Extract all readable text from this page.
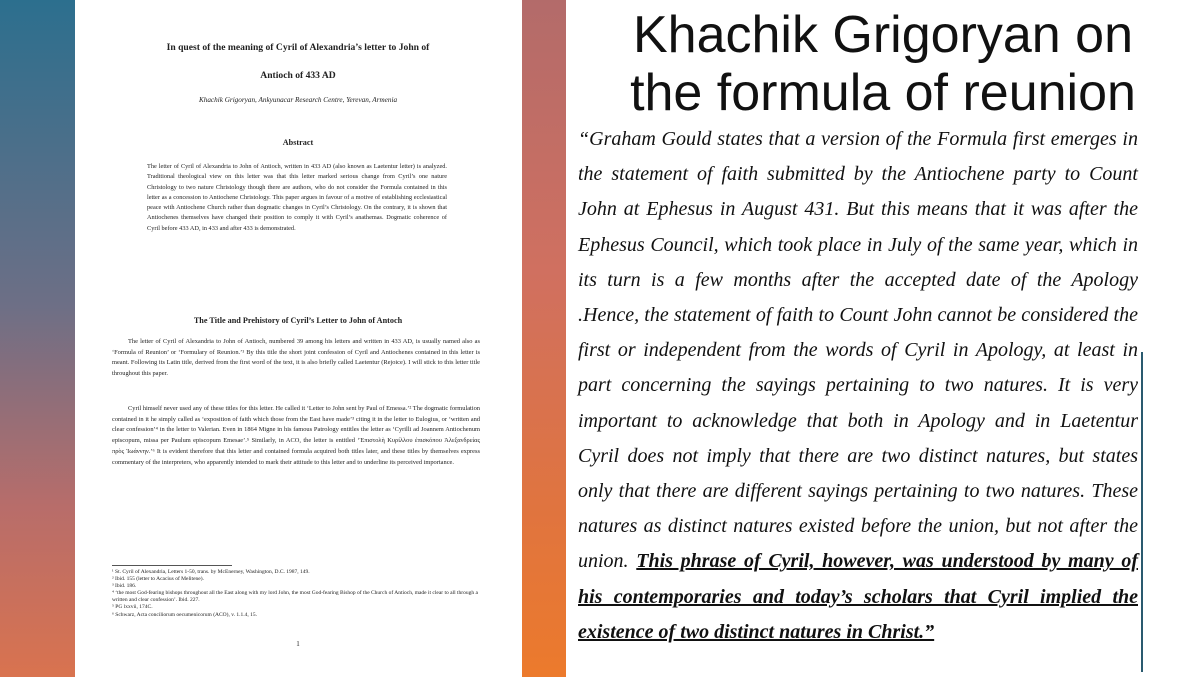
In quest of the meaning of Cyril of Alexandria’s letter to John of
Antioch of 433 AD
Khachik Grigoryan, Ankyunacar Research Centre, Yerevan, Armenia
Abstract
The letter of Cyril of Alexandria to John of Antioch, written in 433 AD (also known as Laetentur letter) is analyzed. Traditional theological view on this letter was that this letter marked serious change from Cyril’s one nature Christology to two nature Christology though there are authors, who do not consider the Formula contained in this letter as a concession to Antiochene Christology. This paper argues in favour of a motive of establishing ecclesiastical peace with Antiochene Church rather than dogmatic changes in Cyril’s Christology. On the contrary, it is shown that Antiochenes themselves have changed their position to comply it with Cyril’s anathemas. Dogmatic coherence of Cyril before 433 AD, in 433 and after 433 is demonstrated.
The Title and Prehistory of Cyril’s Letter to John of Antoch

The letter of Cyril of Alexandria to John of Antioch, numbered 39 among his letters and written in 433 AD, is usually named also as ‘Formula of Reunion’ or ‘Formulary of Reunion.’¹ By this title the short joint confession of Cyril and Antiochenes contained in this letter is meant. Following its Latin title, derived from the first word of the text, it is also briefly called Laetentur (Rejoice). I will stick to this letter title throughout this paper.

Cyril himself never used any of these titles for this letter. He called it ‘Letter to John sent by Paul of Emessa.’² The dogmatic formulation contained in it he simply called as ‘exposition of faith which those from the East have made’³ citing it in the letter to Eulogius, or ‘written and clear confession’⁴ in the letter to Valerian. Even in 1864 Migne in his famous Patrology entitles the letter as ‘Cyrilli ad Joannem Antiochenum episcopum, missa per Paulum episcopum Emesae’.⁵ Similarly, in ACO, the letter is entitled ‘Ἐπιστολὴ Κυρίλλου ἐπισκόπου Ἀλεξανδρείας πρὸς Ἰωάννην.’⁶ It is evident therefore that this letter and contained formula acquired both titles later, and these titles by themselves express commentary of the interpreters, who apparently intended to mark their attitude to this letter and to underline its perceived importance.

¹ St. Cyril of Alexandria, Letters 1-50, trans. by McEnerney, Washington, D.C. 1987, 149.
² Ibid. 155 (letter to Acacius of Melitene).
³ Ibid. 186.
⁴ ‘the most God-fearing bishops throughout all the East along with my lord John, the most God-fearing Bishop of the Church of Antioch, made it clear to all through a written and clear confession’. Ibid. 227.
⁵ PG lxxvii, 174C.
⁶ Schwarz, Acta conciliorum oecumenicorum (ACO), v. 1.1.4, 15.
1
Khachik Grigoryan on
the formula of reunion
“Graham Gould states that a version of the Formula first emerges in the statement of faith submitted by the Antiochene party to Count John at Ephesus in August 431. But this means that it was after the Ephesus Council, which took place in July of the same year, which in its turn is a few months after the accepted date of the Apology .Hence, the statement of faith to Count John cannot be considered the first or independent from the words of Cyril in Apology, at least in part concerning the sayings pertaining to two natures. It is very important to acknowledge that both in Apology and in Laetentur Cyril does not imply that there are two distinct natures, but states only that there are different sayings pertaining to two natures. These natures as distinct natures existed before the union, but not after the union. This phrase of Cyril, however, was understood by many of his contemporaries and today’s scholars that Cyril implied the existence of two distinct natures in Christ.”
